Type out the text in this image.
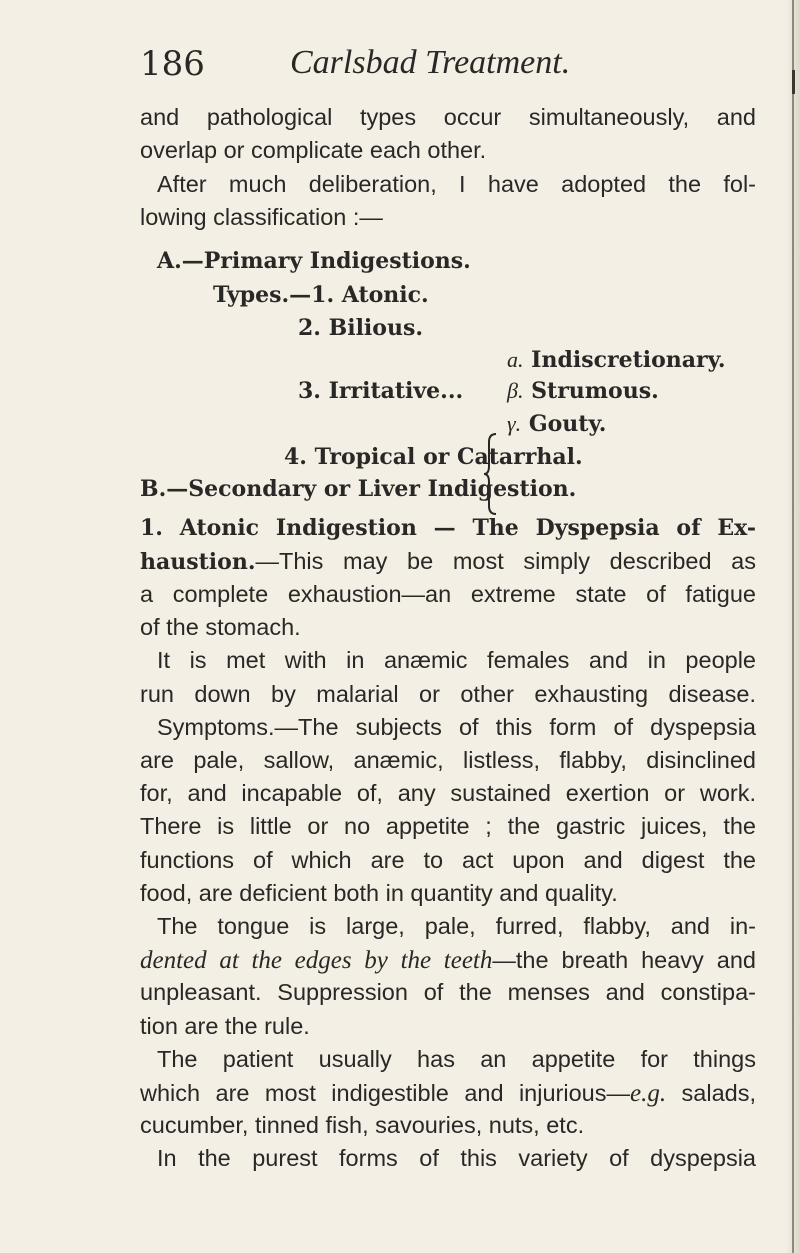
186	Carlsbad Treatment.
and pathological types occur simultaneously, and
overlap or complicate each other.
After much deliberation, I have adopted the fol-
lowing classification :—
A.—Primary Indigestions.
Types.—1. Atonic.
2. Bilious.
a. Indiscretionary.
3. Irritative... β. Strumous.
γ. Gouty.
4. Tropical or Catarrhal.
B.—Secondary or Liver Indigestion.
1. Atonic Indigestion — The Dyspepsia of Ex-
haustion.—This may be most simply described as
a complete exhaustion—an extreme state of fatigue
of the stomach.
It is met with in anæmic females and in people
run down by malarial or other exhausting disease.
Symptoms.—The subjects of this form of dyspepsia
are pale, sallow, anæmic, listless, flabby, disinclined
for, and incapable of, any sustained exertion or work.
There is little or no appetite ; the gastric juices, the
functions of which are to act upon and digest the
food, are deficient both in quantity and quality.
The tongue is large, pale, furred, flabby, and in-
dented at the edges by the teeth—the breath heavy and
unpleasant. Suppression of the menses and constipa-
tion are the rule.
The patient usually has an appetite for things
which are most indigestible and injurious—e.g. salads,
cucumber, tinned fish, savouries, nuts, etc.
In the purest forms of this variety of dyspepsia
